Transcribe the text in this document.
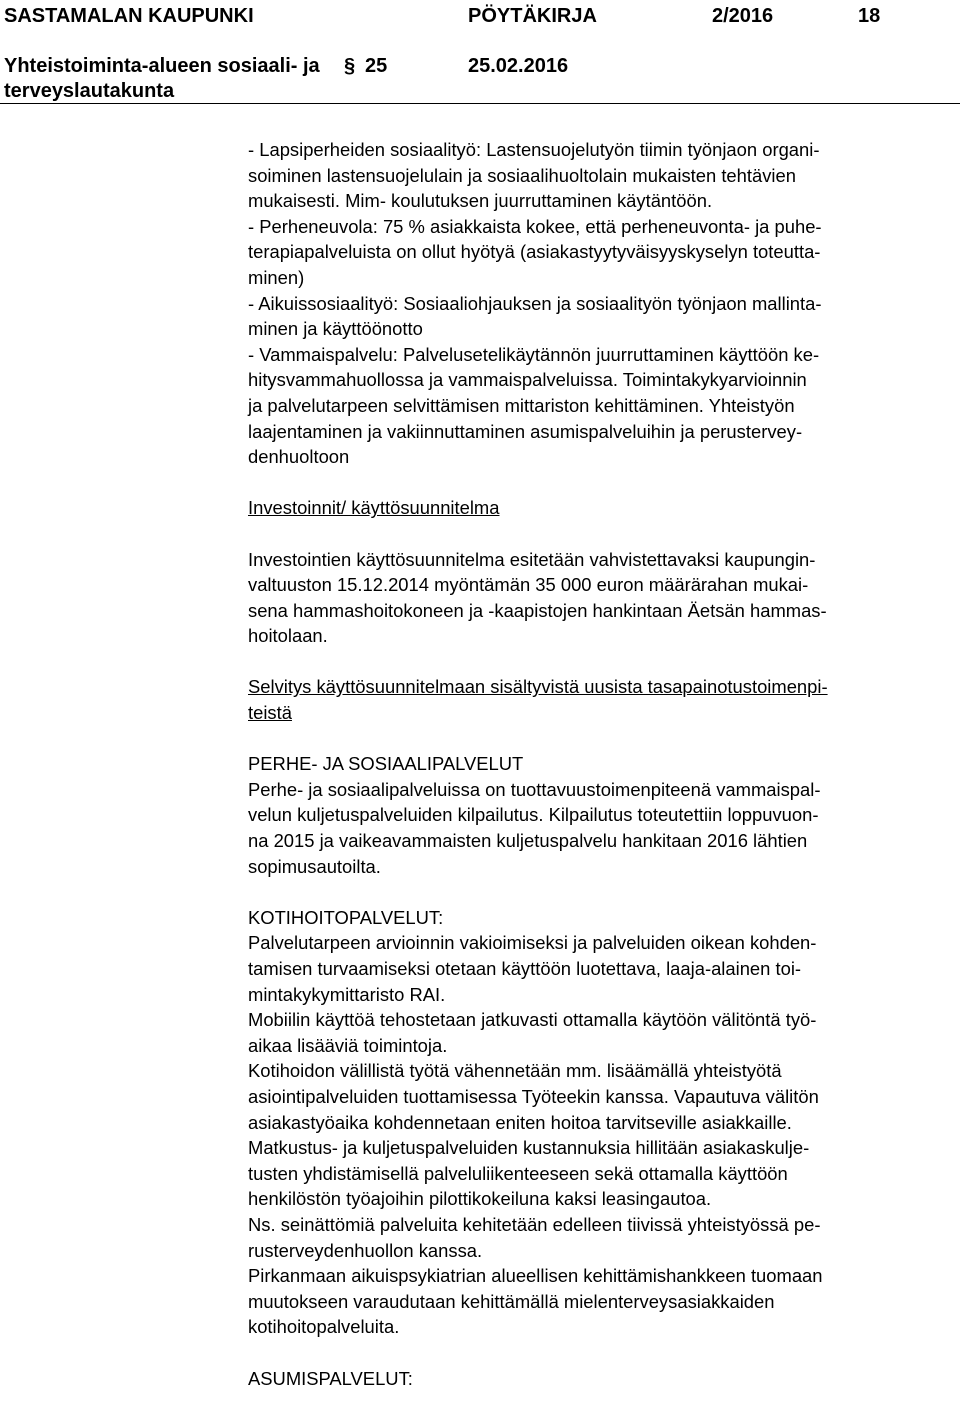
SASTAMALAN KAUPUNKI	PÖYTÄKIRJA	2/2016	18
Yhteistoiminta-alueen sosiaali- ja
terveyslautakunta
§ 25	25.02.2016
- Lapsiperheiden sosiaalityö: Lastensuojelutyön tiimin työnjaon organi-
soiminen lastensuojelulain ja sosiaalihuoltolain mukaisten tehtävien
mukaisesti. Mim- koulutuksen juurruttaminen käytäntöön.
- Perheneuvola: 75 % asiakkaista kokee, että perheneuvonta- ja puhe-
terapiapalveluista on ollut hyötyä (asiakastyytyväisyyskyselyn toteutta-
minen)
- Aikuissosiaalityö: Sosiaaliohjauksen ja sosiaalityön työnjaon mallinta-
minen ja käyttöönotto
- Vammaispalvelu: Palvelusetelikäytännön juurruttaminen käyttöön ke-
hitysvammahuollossa ja vammaispalveluissa. Toimintakykyarvioinnin
ja palvelutarpeen selvittämisen mittariston kehittäminen. Yhteistyön
laajentaminen ja vakiinnuttaminen asumispalveluihin ja perustervey-
denhuoltoon
Investoinnit/ käyttösuunnitelma
Investointien käyttösuunnitelma esitetään vahvistettavaksi kaupungin-
valtuuston 15.12.2014 myöntämän 35 000 euron määrärahan mukai-
sena hammashoitokoneen ja -kaapistojen hankintaan Äetsän hammas-
hoitolaan.
Selvitys käyttösuunnitelmaan sisältyvistä uusista tasapainotustoimenpi-
teistä
PERHE- JA SOSIAALIPALVELUT
Perhe- ja sosiaalipalveluissa on tuottavuustoimenpiteenä vammaispal-
velun kuljetuspalveluiden kilpailutus. Kilpailutus toteutettiin loppuvuon-
na 2015 ja vaikeavammaisten kuljetuspalvelu hankitaan 2016 lähtien
sopimusautoilta.
KOTIHOITOPALVELUT:
Palvelutarpeen arvioinnin vakioimiseksi ja palveluiden oikean kohden-
tamisen turvaamiseksi otetaan käyttöön luotettava, laaja-alainen toi-
mintakykymittaristo RAI.
Mobiilin käyttöä tehostetaan jatkuvasti ottamalla käytöön välitöntä työ-
aikaa lisääviä toimintoja.
Kotihoidon välillistä työtä vähennetään mm. lisäämällä yhteistyötä
asiointipalveluiden tuottamisessa Työteekin kanssa. Vapautuva välitön
asiakastyöaika kohdennetaan eniten hoitoa tarvitseville asiakkaille.
Matkustus- ja kuljetuspalveluiden kustannuksia hillitään asiakaskulje-
tusten yhdistämisellä palveluliikenteeseen sekä ottamalla käyttöön
henkilöstön työajoihin pilottikokeiluna kaksi leasingautoa.
Ns. seinättömiä palveluita kehitetään edelleen tiivissä yhteistyössä pe-
rusterveydenhuollon kanssa.
Pirkanmaan aikuispsykiatrian alueellisen kehittämishankkeen tuomaan
muutokseen varaudutaan kehittämällä mielenterveysasiakkaiden
kotihoitopalveluita.
ASUMISPALVELUT:
